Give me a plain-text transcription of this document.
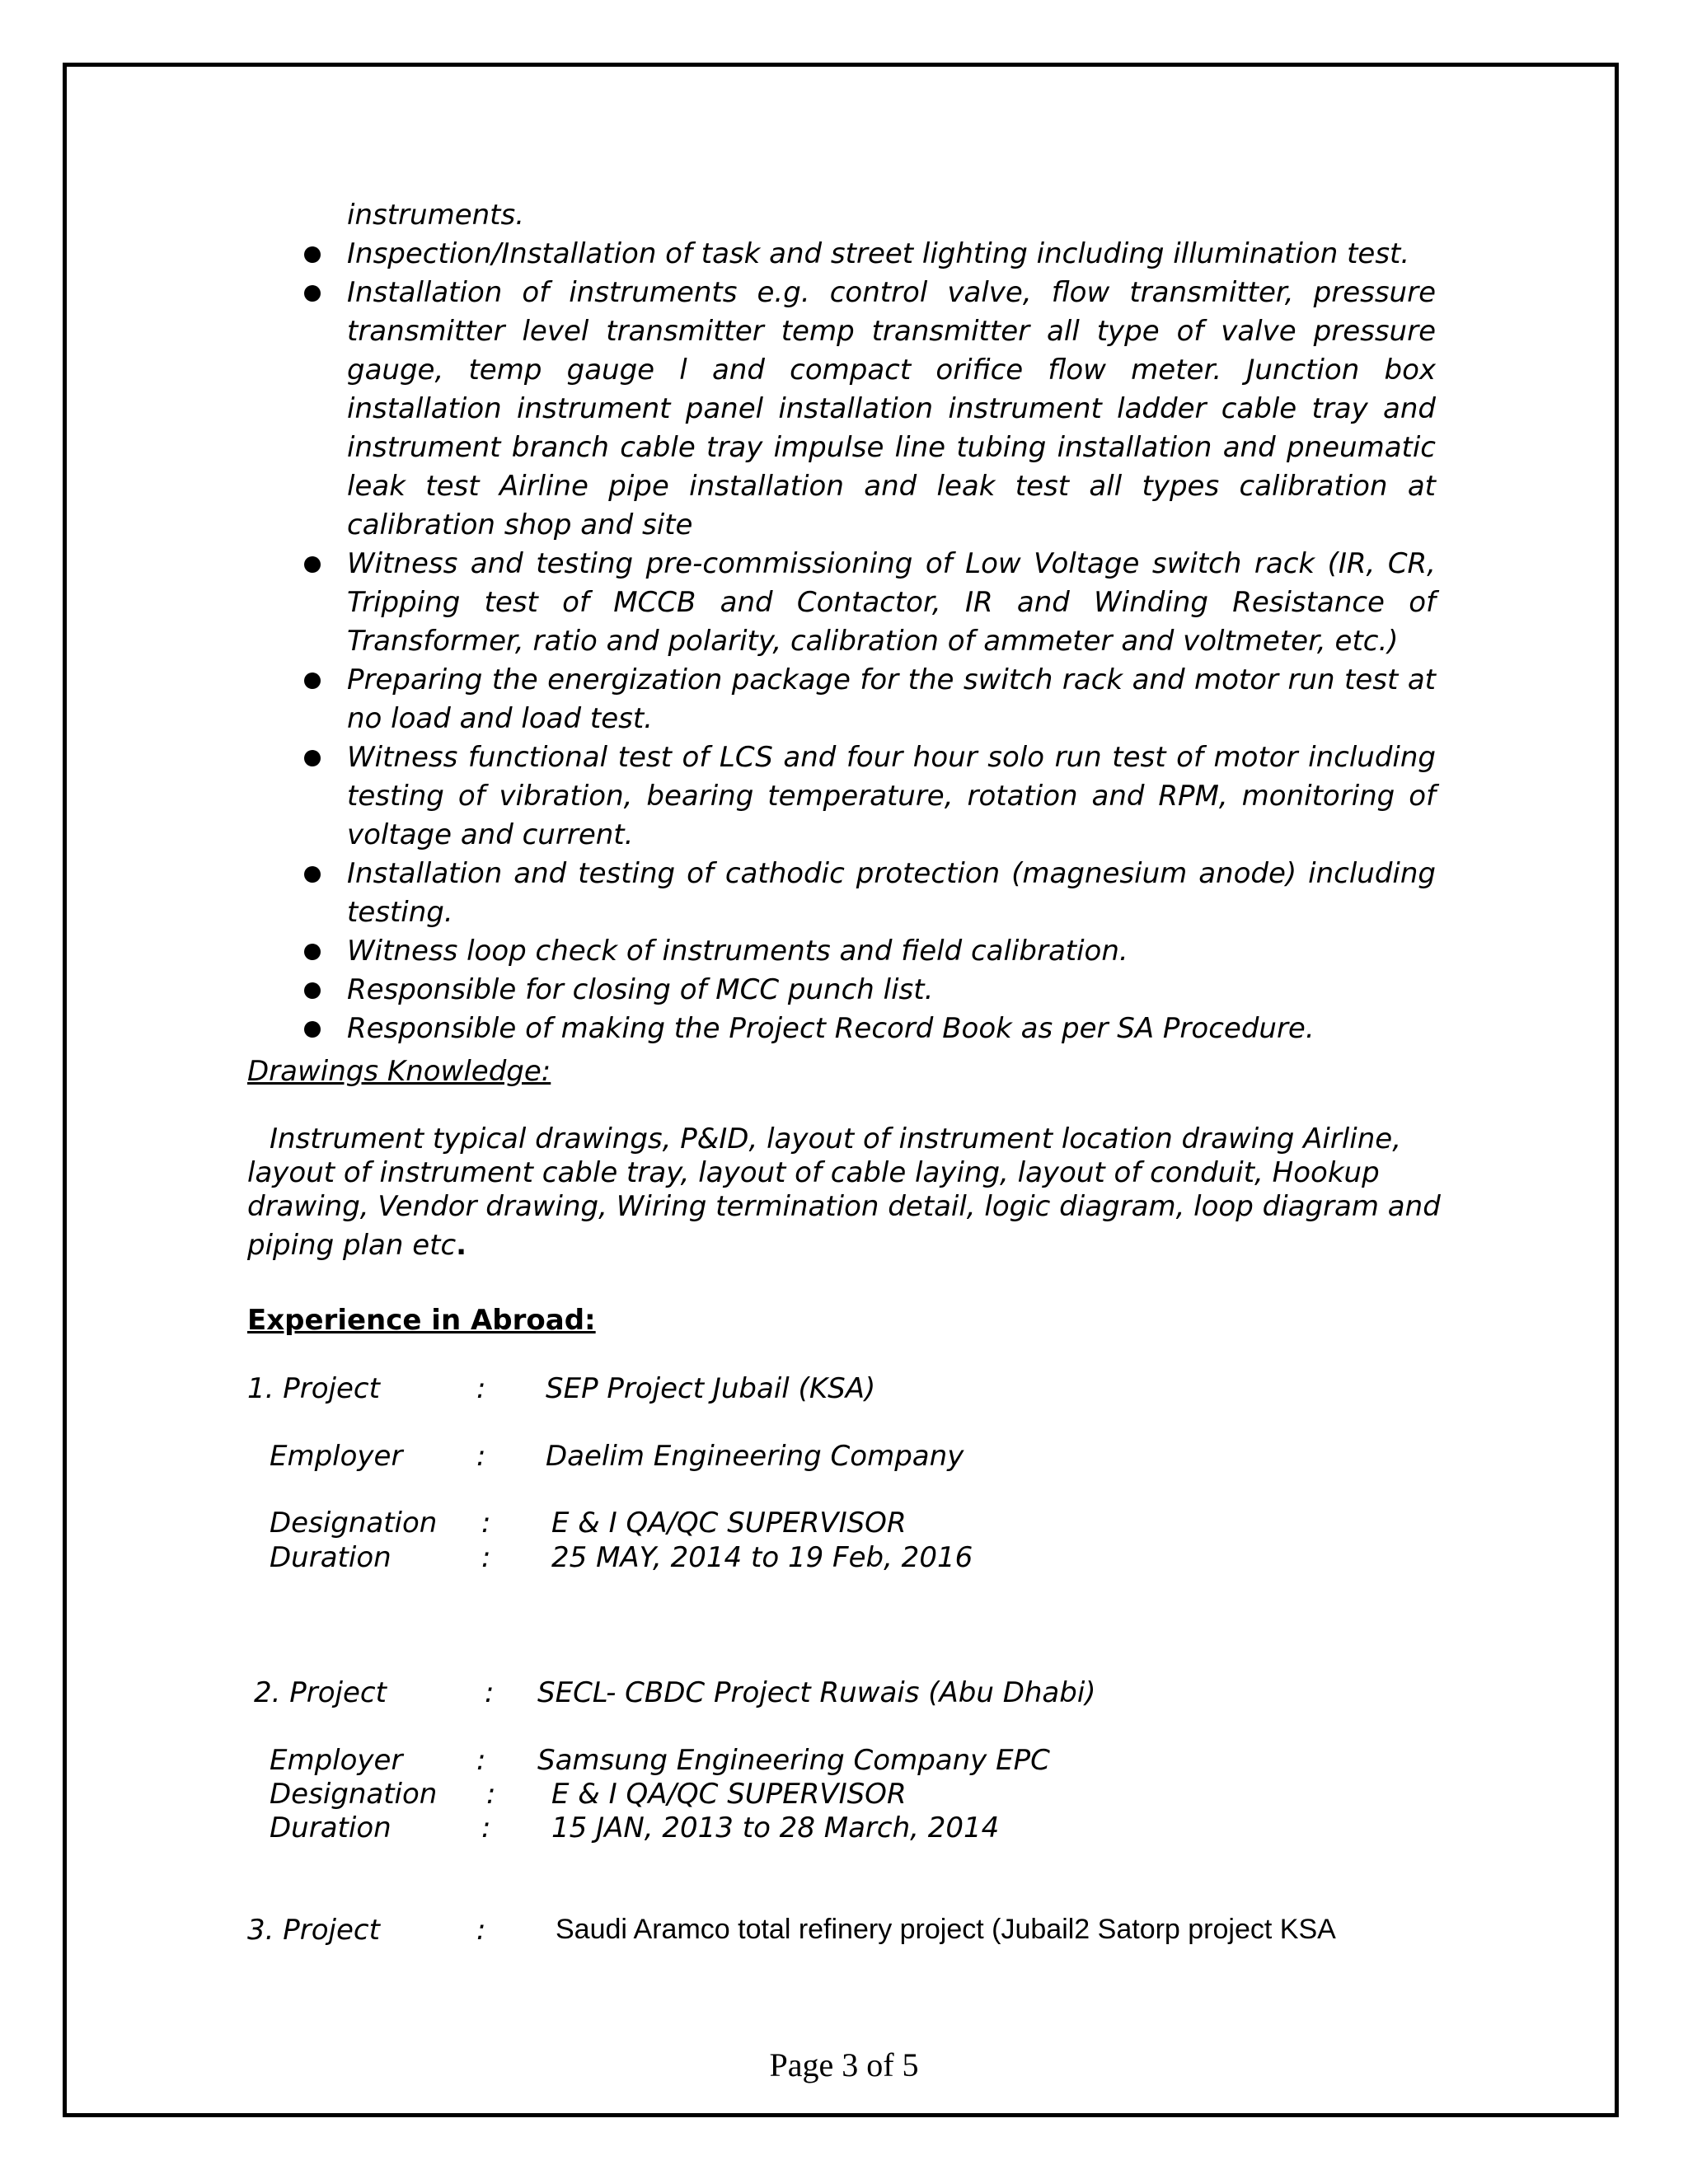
instruments.
Inspection/Installation of task and street lighting including illumination test.
Installation of instruments e.g. control valve, flow transmitter, pressure transmitter level transmitter temp transmitter all type of valve pressure gauge, temp gauge l and compact orifice flow meter. Junction box installation instrument panel installation instrument ladder cable tray and instrument branch cable tray impulse line tubing installation and pneumatic leak test Airline pipe installation and leak test all types calibration at calibration shop and site
Witness and testing pre-commissioning of Low Voltage switch rack (IR, CR, Tripping test of MCCB and Contactor, IR and Winding Resistance of Transformer, ratio and polarity, calibration of ammeter and voltmeter, etc.)
Preparing the energization package for the switch rack and motor run test at no load and load test.
Witness functional test of LCS and four hour solo run test of motor including testing of vibration, bearing temperature, rotation and RPM, monitoring of voltage and current.
Installation and testing of cathodic protection (magnesium anode) including testing.
Witness loop check of instruments and field calibration.
Responsible for closing of MCC punch list.
Responsible of making the Project Record Book as per SA Procedure.
Drawings Knowledge:
Instrument typical drawings, P&ID, layout of instrument location drawing Airline,
layout of instrument cable tray, layout of cable laying, layout of conduit, Hookup
drawing, Vendor drawing, Wiring termination detail, logic diagram, loop diagram and
piping plan etc.
Experience in Abroad:
1. Project	: SEP Project Jubail (KSA)
Employer	: Daelim Engineering Company
Designation : E & I QA/QC SUPERVISOR
Duration	: 25 MAY, 2014 to 19 Feb, 2016
2. Project	: SECL- CBDC Project Ruwais (Abu Dhabi)
Employer	: Samsung Engineering Company EPC
Designation : E & I QA/QC SUPERVISOR
Duration	: 15 JAN, 2013 to 28 March, 2014
3. Project	: Saudi Aramco total refinery project (Jubail2 Satorp project KSA
Page 3 of 5
